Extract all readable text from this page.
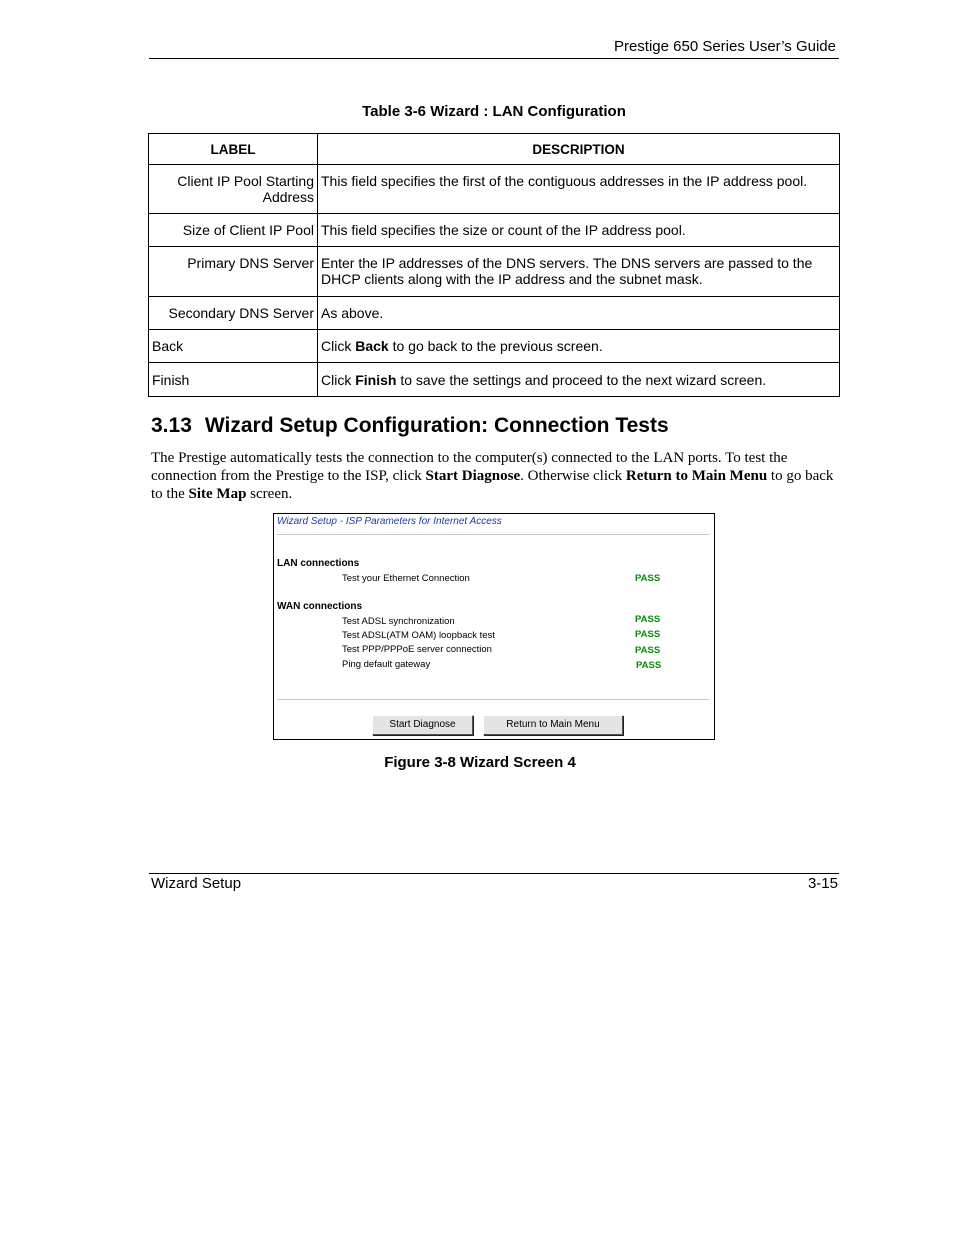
Prestige 650 Series User’s Guide
Table 3-6 Wizard : LAN Configuration
LABEL	DESCRIPTION
Client IP Pool Starting Address	This field specifies the first of the contiguous addresses in the IP address pool.
Size of Client IP Pool	This field specifies the size or count of the IP address pool.
Primary DNS Server	Enter the IP addresses of the DNS servers. The DNS servers are passed to the DHCP clients along with the IP address and the subnet mask.
Secondary DNS Server	As above.
Back	Click Back to go back to the previous screen.
Finish	Click Finish to save the settings and proceed to the next wizard screen.
3.13 Wizard Setup Configuration: Connection Tests
The Prestige automatically tests the connection to the computer(s) connected to the LAN ports. To test the connection from the Prestige to the ISP, click Start Diagnose. Otherwise click Return to Main Menu to go back to the Site Map screen.
Wizard Setup - ISP Parameters for Internet Access
LAN connections
Test your Ethernet Connection	PASS
WAN connections
Test ADSL synchronization	PASS
Test ADSL(ATM OAM) loopback test	PASS
Test PPP/PPPoE server connection	PASS
Ping default gateway	PASS
Start Diagnose	Return to Main Menu
Figure 3-8 Wizard Screen 4
Wizard Setup	3-15
